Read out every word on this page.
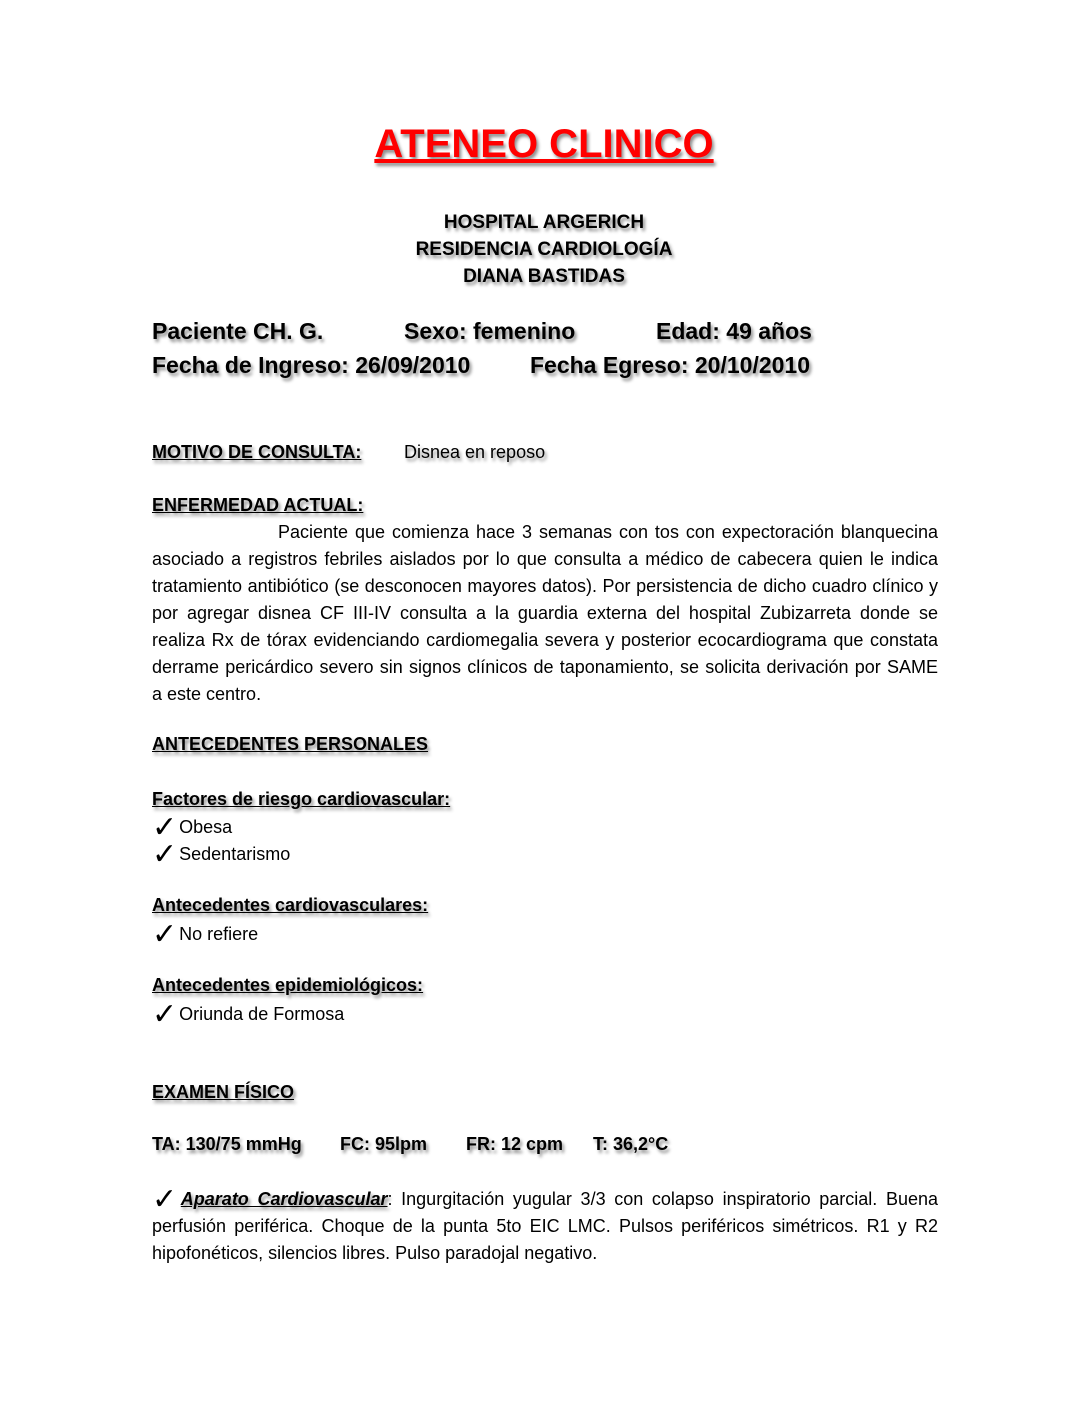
ATENEO CLINICO
HOSPITAL ARGERICH
RESIDENCIA CARDIOLOGÍA
DIANA BASTIDAS
Paciente CH. G.	Sexo: femenino	Edad: 49 años
Fecha de Ingreso: 26/09/2010	Fecha Egreso: 20/10/2010
MOTIVO DE CONSULTA: Disnea en reposo
ENFERMEDAD ACTUAL:
Paciente que comienza hace 3 semanas con tos con expectoración blanquecina asociado a registros febriles aislados por lo que consulta a médico de cabecera quien le indica tratamiento antibiótico (se desconocen mayores datos). Por persistencia de dicho cuadro clínico y por agregar disnea CF III-IV consulta a la guardia externa del hospital Zubizarreta donde se realiza Rx de tórax evidenciando cardiomegalia severa y posterior ecocardiograma que constata derrame pericárdico severo sin signos clínicos de taponamiento, se solicita derivación por SAME a este centro.
ANTECEDENTES PERSONALES
Factores de riesgo cardiovascular:
✓ Obesa
✓ Sedentarismo
Antecedentes cardiovasculares:
✓ No refiere
Antecedentes epidemiológicos:
✓ Oriunda de Formosa
EXAMEN FÍSICO
TA: 130/75 mmHg FC: 95lpm FR: 12 cpm T: 36,2°C
✓Aparato Cardiovascular: Ingurgitación yugular 3/3 con colapso inspiratorio parcial. Buena perfusión periférica. Choque de la punta 5to EIC LMC. Pulsos periféricos simétricos. R1 y R2 hipofonéticos, silencios libres. Pulso paradojal negativo.
